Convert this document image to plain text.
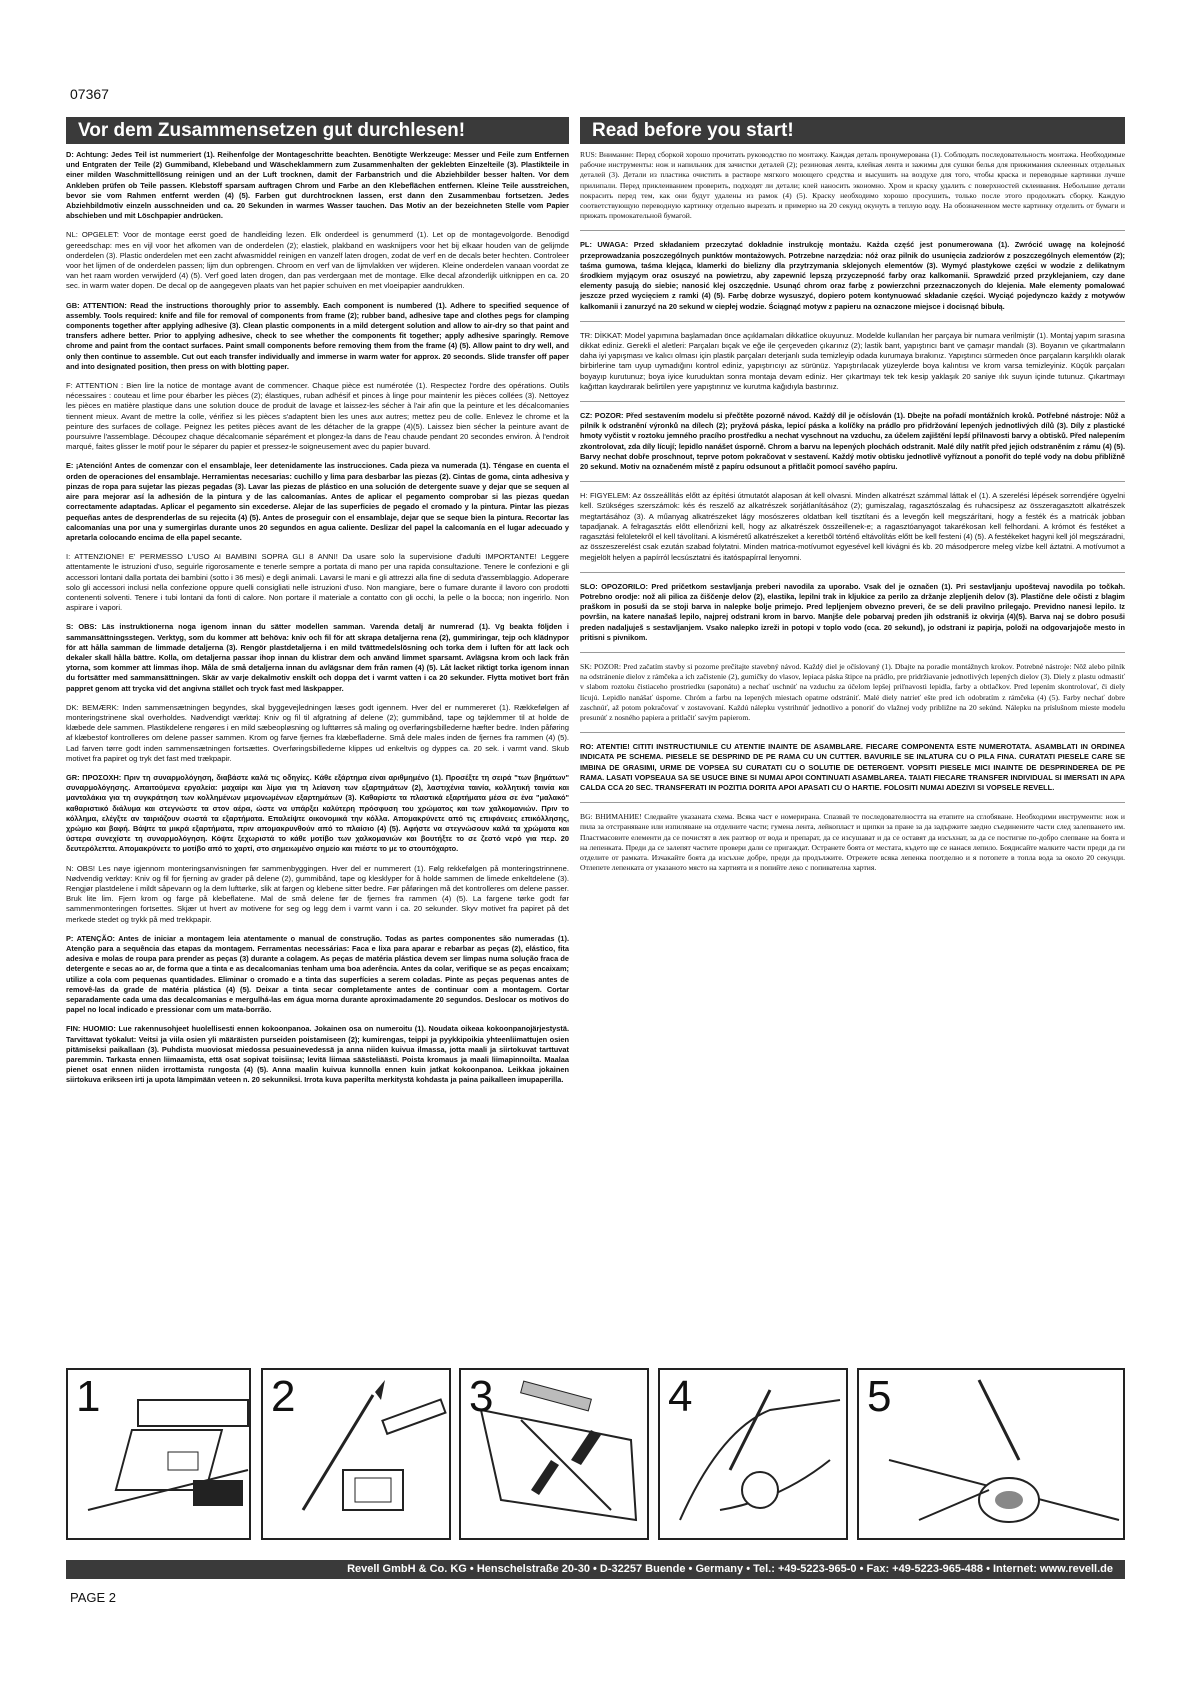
07367
Vor dem Zusammensetzen gut durchlesen!	Read before you start!

D: Achtung: Jedes Teil ist nummeriert (1). Reihenfolge der Montageschritte beachten. Benötigte Werkzeuge: Messer und Feile zum Entfernen und Entgraten der Teile (2) Gummiband, Klebeband und Wäscheklammern zum Zusammenhalten der geklebten Einzelteile (3). Plastikteile in einer milden Waschmittellösung reinigen und an der Luft trocknen, damit der Farbanstrich und die Abziehbilder besser halten. Vor dem Ankleben prüfen ob Teile passen. Klebstoff sparsam auftragen Chrom und Farbe an den Klebeflächen entfernen. Kleine Teile ausstreichen, bevor sie vom Rahmen entfernt werden (4) (5). Farben gut durchtrocknen lassen, erst dann den Zusammenbau fortsetzen. Jedes Abziehbildmotiv einzeln ausschneiden und ca. 20 Sekunden in warmes Wasser tauchen. Das Motiv an der bezeichneten Stelle vom Papier abschieben und mit Löschpapier andrücken.

NL: OPGELET: Voor de montage eerst goed de handleiding lezen. Elk onderdeel is genummerd (1). Let op de montagevolgorde. Benodigd gereedschap: mes en vijl voor het afkomen van de onderdelen (2); elastiek, plakband en wasknijpers voor het bij elkaar houden van de gelijmde onderdelen (3). Plastic onderdelen met een zacht afwasmiddel reinigen en vanzelf laten drogen, zodat de verf en de decals beter hechten. Controleer voor het lijmen of de onderdelen passen; lijm dun opbrengen. Chroom en verf van de lijmvlakken ver wijderen. Kleine onderdelen vanaan voordat ze van het raam worden verwijderd (4) (5). Verf goed laten drogen, dan pas verdergaan met de montage. Elke decal afzonderlijk uitknippen en ca. 20 sec. in warm water dopen. De decal op de aangegeven plaats van het papier schuiven en met vloeipapier aandrukken.

GB: ATTENTION: Read the instructions thoroughly prior to assembly. Each component is numbered (1). Adhere to specified sequence of assembly. Tools required: knife and file for removal of components from frame (2); rubber band, adhesive tape and clothes pegs for clamping components together after applying adhesive (3). Clean plastic components in a mild detergent solution and allow to air-dry so that paint and transfers adhere better. Prior to applying adhesive, check to see whether the components fit together; apply adhesive sparingly. Remove chrome and paint from the contact surfaces. Paint small components before removing them from the frame (4) (5). Allow paint to dry well, and only then continue to assemble. Cut out each transfer individually and immerse in warm water for approx. 20 seconds. Slide transfer off paper and into designated position, then press on with blotting paper.

F: ATTENTION : Bien lire la notice de montage avant de commencer. Chaque pièce est numérotée (1). Respectez l'ordre des opérations. Outils nécessaires : couteau et lime pour ébarber les pièces (2); élastiques, ruban adhésif et pinces à linge pour maintenir les pièces collées (3). Nettoyez les pièces en matière plastique dans une solution douce de produit de lavage et laissez-les sécher à l'air afin que la peinture et les décalcomanies tiennent mieux. Avant de mettre la colle, vérifiez si les pièces s'adaptent bien les unes aux autres; mettez peu de colle. Enlevez le chrome et la peinture des surfaces de collage. Peignez les petites pièces avant de les détacher de la grappe (4)(5). Laissez bien sécher la peinture avant de poursuivre l'assemblage. Découpez chaque décalcomanie séparément et plongez-la dans de l'eau chaude pendant 20 secondes environ. À l'endroit marqué, faites glisser le motif pour le séparer du papier et pressez-le soigneusement avec du papier buvard.

E: ¡Atención! Antes de comenzar con el ensamblaje, leer detenidamente las instrucciones. Cada pieza va numerada (1). Téngase en cuenta el orden de operaciones del ensamblaje. Herramientas necesarias: cuchillo y lima para desbarbar las piezas (2). Cintas de goma, cinta adhesiva y pinzas de ropa para sujetar las piezas pegadas (3). Lavar las piezas de plástico en una solución de detergente suave y dejar que se sequen al aire para mejorar así la adhesión de la pintura y de las calcomanías. Antes de aplicar el pegamento comprobar si las piezas quedan correctamente adaptadas. Aplicar el pegamento sin excederse. Alejar de las superficies de pegado el cromado y la pintura. Pintar las piezas pequeñas antes de desprenderlas de su rejecita (4) (5). Antes de proseguir con el ensamblaje, dejar que se seque bien la pintura. Recortar las calcomanías una por una y sumergirlas durante unos 20 segundos en agua caliente. Deslizar del papel la calcomanía en el lugar adecuado y apretarla colocando encima de ella papel secante.

I: ATTENZIONE! E' PERMESSO L'USO AI BAMBINI SOPRA GLI 8 ANNI! Da usare solo la supervisione d'adulti IMPORTANTE! Leggere attentamente le istruzioni d'uso, seguirle rigorosamente e tenerle sempre a portata di mano per una rapida consultazione. Tenere le confezioni e gli accessori lontani dalla portata dei bambini (sotto i 36 mesi) e degli animali. Lavarsi le mani e gli attrezzi alla fine di seduta d'assemblaggio. Adoperare solo gli accessori inclusi nella confezione oppure quelli consigliati nelle istruzioni d'uso. Non mangiare, bere o fumare durante il lavoro con prodotti contenenti solventi. Tenere i tubi lontani da fonti di calore. Non portare il materiale a contatto con gli occhi, la pelle o la bocca; non ingerirlo. Non aspirare i vapori.

S: OBS: Läs instruktionerna noga igenom innan du sätter modellen samman. Varenda detalj är numrerad (1). Vg beakta följden i sammansättningsstegen. Verktyg, som du kommer att behöva: kniv och fil för att skrapa detaljerna rena (2), gummiringar, tejp och klädnypor för att hålla samman de limmade detaljerna (3). Rengör plastdetaljerna i en mild tvättmedelslösning och torka dem i luften för att lack och dekaler skall hålla bättre. Kolla, om detaljerna passar ihop innan du klistrar dem och använd limmet sparsamt. Avlägsna krom och lack från ytorna, som kommer att limmas ihop. Måla de små detaljerna innan du avlägsnar dem från ramen (4) (5). Låt lacket riktigt torka igenom innan du fortsätter med sammansättningen. Skär av varje dekalmotiv enskilt och doppa det i varmt vatten i ca 20 sekunder. Flytta motivet bort från pappret genom att trycka vid det angivna stället och tryck fast med läskpapper.

DK: BEMÆRK: Inden sammensætningen begyndes, skal byggevejledningen læses godt igennem. Hver del er nummereret (1). Rækkefølgen af monteringstrinene skal overholdes. Nødvendigt værktøj: Kniv og fil til afgratning af delene (2); gummibånd, tape og tøjklemmer til at holde de klæbede dele sammen. Plastikdelene rengøres i en mild sæbeopløsning og lufttørres så maling og overføringsbillederne hæfter bedre. Inden påføring af klæbestof kontrolleres om delene passer sammen. Krom og farve fjernes fra klæbefladerne. Små dele males inden de fjernes fra rammen (4) (5). Lad farven tørre godt inden sammensætningen fortsættes. Overføringsbillederne klippes ud enkeltvis og dyppes ca. 20 sek. i varmt vand. Skub motivet fra papiret og tryk det fast med trækpapir.

GR: ΠΡΟΣΟΧΗ: Πριν τη συναρμολόγηση, διαβάστε καλά τις οδηγίες. Κάθε εξάρτημα είναι αριθμημένο (1). Προσέξτε τη σειρά "των βημάτων" συναρμολόγησης. Απαιτούμενα εργαλεία: μαχαίρι και λίμα για τη λείανση των εξαρτημάτων (2), λαστιχένια ταινία, κολλητική ταινία και μανταλάκια για τη συγκράτηση των κολλημένων μεμονωμένων εξαρτημάτων (3). Καθαρίστε τα πλαστικά εξαρτήματα μέσα σε ένα "μαλακό" καθαριστικό διάλυμα και στεγνώστε τα στον αέρα, ώστε να υπάρξει καλύτερη πρόσφυση του χρώματος και των χαλκομανιών. Πριν το κόλλημα, ελέγξτε αν ταιριάζουν σωστά τα εξαρτήματα. Επαλείψτε οικονομικά την κόλλα. Απομακρύνετε από τις επιφάνειες επικόλλησης, χρώμιο και βαφή. Βάψτε τα μικρά εξαρτήματα, πριν απομακρυνθούν από το πλαίσιο (4) (5). Αφήστε να στεγνώσουν καλά τα χρώματα και ύστερα συνεχίστε τη συναρμολόγηση. Κόψτε ξεχωριστά το κάθε μοτίβο των χαλκομανιών και βουτήξτε το σε ζεστό νερό για περ. 20 δευτερόλεπτα. Απομακρύνετε το μοτίβο από το χαρτί, στο σημειωμένο σημείο και πιέστε το με το στουπόχαρτο.

N: OBS! Les nøye igjennom monteringsanvisningen før sammenbyggingen. Hver del er nummerert (1). Følg rekkefølgen på monteringstrinnene. Nødvendig verktøy: Kniv og fil for fjerning av grader på delene (2), gummibånd, tape og klesklyper for å holde sammen de limede enkeltdelene (3). Rengjør plastdelene i mildt såpevann og la dem lufttørke, slik at fargen og klebene sitter bedre. Før påføringen må det kontrolleres om delene passer. Bruk lite lim. Fjern krom og farge på klebeflatene. Mal de små delene før de fjernes fra rammen (4) (5). La fargene tørke godt før sammenmonteringen fortsettes. Skjær ut hvert av motivene for seg og legg dem i varmt vann i ca. 20 sekunder. Skyv motivet fra papiret på det merkede stedet og trykk på med trekkpapir.

P: ATENÇÃO: Antes de iniciar a montagem leia atentamente o manual de construção. Todas as partes componentes são numeradas (1). Atenção para a sequência das etapas da montagem. Ferramentas necessárias: Faca e lixa para aparar e rebarbar as peças (2), elástico, fita adesiva e molas de roupa para prender as peças (3) durante a colagem. As peças de matéria plástica devem ser limpas numa solução fraca de detergente e secas ao ar, de forma que a tinta e as decalcomanias tenham uma boa aderência. Antes da colar, verifique se as peças encaixam; utilize a cola com pequenas quantidades. Eliminar o cromado e a tinta das superfícies a serem coladas. Pinte as peças pequenas antes de removê-las da grade de matéria plástica (4) (5). Deixar a tinta secar completamente antes de continuar com a montagem. Cortar separadamente cada uma das decalcomanias e mergulhá-las em água morna durante aproximadamente 20 segundos. Deslocar os motivos do papel no local indicado e pressionar com um mata-borrão.

FIN: HUOMIO: Lue rakennusohjeet huolellisesti ennen kokoonpanoa. Jokainen osa on numeroitu (1). Noudata oikeaa kokoonpanojärjestystä. Tarvittavat työkalut: Veitsi ja viila osien yli määräisten purseiden poistamiseen (2); kumirengas, teippi ja pyykkipoikia yhteenliimattujen osien pitämiseksi paikallaan (3). Puhdista muoviosat miedossa pesuainevedessä ja anna niiden kuivua ilmassa, jotta maali ja siirtokuvat tarttuvat paremmin. Tarkasta ennen liimaamista, että osat sopivat toisiinsa; levitä liimaa säästeliäästi. Poista kromaus ja maali liimapinnoilta. Maalaa pienet osat ennen niiden irrottamista rungosta (4) (5). Anna maalin kuivua kunnolla ennen kuin jatkat kokoonpanoa. Leikkaa jokainen siirtokuva erikseen irti ja upota lämpimään veteen n. 20 sekunniksi. Irrota kuva paperilta merkitystä kohdasta ja paina paikalleen imupaperilla.

RUS: Внимание: Перед сборкой хорошо прочитать руководство по монтажу. Каждая деталь пронумерована (1). Соблюдать последовательность монтажа. Необходимые рабочие инструменты: нож и напильник для зачистки деталей (2); резиновая лента, клейкая лента и зажимы для сушки белья для прижимания склеенных отдельных деталей (3). Детали из пластика очистить в растворе мягкого моющего средства и высушить на воздухе для того, чтобы краска и переводные картинки лучше прилипали. Перед приклеиванием проверить, подходят ли детали; клей наносить экономно. Хром и краску удалить с поверхностей склеивания. Небольшие детали покрасить перед тем, как они будут удалены из рамок (4) (5). Краску необходимо хорошо просушить, только после этого продолжать сборку. Каждую соответствующую переводную картинку отдельно вырезать и примерно на 20 секунд окунуть в теплую воду. На обозначенном месте картинку отделить от бумаги и прижать промокательной бумагой.

PL: UWAGA: Przed składaniem przeczytać dokładnie instrukcję montażu. Każda część jest ponumerowana (1). Zwrócić uwagę na kolejność przeprowadzania poszczególnych punktów montażowych. Potrzebne narzędzia: nóż oraz pilnik do usunięcia zadziorów z poszczególnych elementów (2); taśma gumowa, taśma klejąca, klamerki do bielizny dla przytrzymania sklejonych elementów (3). Wymyć plastykowe części w wodzie z delikatnym środkiem myjącym oraz osuszyć na powietrzu, aby zapewnić lepszą przyczepność farby oraz kalkomanii. Sprawdzić przed przyklejaniem, czy dane elementy pasują do siebie; nanosić klej oszczędnie. Usunąć chrom oraz farbę z powierzchni przeznaczonych do klejenia. Małe elementy pomalować jeszcze przed wycięciem z ramki (4) (5). Farbę dobrze wysuszyć, dopiero potem kontynuować składanie części. Wyciąć pojedynczo każdy z motywów kalkomanii i zanurzyć na 20 sekund w ciepłej wodzie. Ściągnąć motyw z papieru na oznaczone miejsce i docisnąć bibułą.

TR: DİKKAT: Model yapımına başlamadan önce açıklamaları dikkatlice okuyunuz. Modelde kullanılan her parçaya bir numara verilmiştir (1). Montaj yapım sırasına dikkat ediniz. Gerekli el aletleri: Parçaları bıçak ve eğe ile çerçeveden çıkarınız (2); lastik bant, yapıştırıcı bant ve çamaşır mandalı (3). Boyanın ve çıkartmaların daha iyi yapışması ve kalıcı olması için plastik parçaları deterjanlı suda temizleyip odada kurumaya bırakınız. Yapıştırıcı sürmeden önce parçaların karşılıklı olarak birbirlerine tam uyup uymadığını kontrol ediniz, yapıştırıcıyı az sürünüz. Yapıştırılacak yüzeylerde boya kalıntısı ve krom varsa temizleyiniz. Küçük parçaları boyayıp kurutunuz; boya iyice kuruduktan sonra montaja devam ediniz. Her çıkartmayı tek tek kesip yaklaşık 20 saniye ılık suyun içinde tutunuz. Çıkartmayı kağıttan kaydırarak belirtilen yere yapıştırınız ve kurutma kağıdıyla bastırınız.

CZ: POZOR: Před sestavením modelu si přečtěte pozorně návod. Každý díl je očíslován (1). Dbejte na pořadí montážních kroků. Potřebné nástroje: Nůž a pilník k odstranění výronků na dílech (2); pryžová páska, lepicí páska a kolíčky na prádlo pro přidržování lepených jednotlivých dílů (3). Díly z plastické hmoty vyčistit v roztoku jemného pracího prostředku a nechat vyschnout na vzduchu, za účelem zajištění lepší přilnavosti barvy a obtisků. Před nalepením zkontrolovat, zda díly lícují; lepidlo nanášet úsporně. Chrom a barvu na lepených plochách odstranit. Malé díly natřít před jejich odstraněním z rámu (4) (5). Barvy nechat dobře proschnout, teprve potom pokračovat v sestavení. Každý motiv obtisku jednotlivě vyříznout a ponořit do teplé vody na dobu přibližně 20 sekund. Motiv na označeném místě z papíru odsunout a přitlačit pomocí savého papíru.

H: FIGYELEM: Az összeállítás előtt az építési útmutatót alaposan át kell olvasni. Minden alkatrészt számmal láttak el (1). A szerelési lépések sorrendjére ügyelni kell. Szükséges szerszámok: kés és reszelő az alkatrészek sorjátlanításához (2); gumiszalag, ragasztószalag és ruhacsipesz az összeragasztott alkatrészek megtartásához (3). A műanyag alkatrészeket lágy mosószeres oldatban kell tisztítani és a levegőn kell megszárítani, hogy a festék és a matricák jobban tapadjanak. A felragasztás előtt ellenőrizni kell, hogy az alkatrészek összeillenek-e; a ragasztóanyagot takarékosan kell felhordani. A krómot és festéket a ragasztási felületekről el kell távolítani. A kisméretű alkatrészeket a keretből történő eltávolítás előtt be kell festeni (4) (5). A festékeket hagyni kell jól megszáradni, az összeszerelést csak ezután szabad folytatni. Minden matrica-motívumot egyesével kell kivágni és kb. 20 másodpercre meleg vízbe kell áztatni. A motívumot a megjelölt helyen a papírról lecsúsztatni és itatóspapírral lenyomni.

SLO: OPOZORILO: Pred pričetkom sestavljanja preberi navodila za uporabo. Vsak del je označen (1). Pri sestavljanju upoštevaj navodila po točkah. Potrebno orodje: nož ali pilica za čiščenje delov (2), elastika, lepilni trak in kljukice za perilo za držanje zlepljenih delov (3). Plastične dele očisti z blagim praškom in posuši da se stoji barva in nalepke bolje primejo. Pred lepljenjem obvezno preveri, če se deli pravilno prilegajo. Previdno nanesi lepilo. Iz površin, na katere nanašaš lepilo, najprej odstrani krom in barvo. Manjše dele pobarvaj preden jih odstraniš iz okvirja (4)(5). Barva naj se dobro posuši preden nadaljuješ s sestavljanjem. Vsako nalepko izreži in potopi v toplo vodo (cca. 20 sekund), jo odstrani iz papirja, položi na odgovarjajoče mesto in pritisni s pivnikom.

SK: POZOR: Pred začatím stavby si pozorne prečítajte stavebný návod. Každý diel je očíslovaný (1). Dbajte na poradie montážnych krokov. Potrebné nástroje: Nôž alebo pilník na odstránenie dielov z rámčeka a ich začistenie (2), gumičky do vlasov, lepiaca páska štipce na prádlo, pre pridržiavanie jednotlivých lepených dielov (3). Diely z plastu odmastiť v slabom roztoku čistiaceho prostriedku (saponátu) a nechať uschnúť na vzduchu za účelom lepšej priľnavosti lepidla, farby a obtlačkov. Pred lepením skontrolovať, či diely lícujú. Lepidlo nanášať úsporne. Chróm a farbu na lepených miestach opatrne odstrániť. Malé diely natrieť ešte pred ich odobratím z rámčeka (4) (5). Farby nechať dobre zaschnúť, až potom pokračovať v zostavovaní. Každú nálepku vystrihnúť jednotlivo a ponoriť do vlažnej vody približne na 20 sekúnd. Nálepku na príslušnom mieste modelu presunúť z nosného papiera a pritlačiť savým papierom.

RO: ATENTIE! CITITI INSTRUCTIUNILE CU ATENTIE INAINTE DE ASAMBLARE. FIECARE COMPONENTA ESTE NUMEROTATA. ASAMBLATI IN ORDINEA INDICATA PE SCHEMA. PIESELE SE DESPRIND DE PE RAMA CU UN CUTTER. BAVURILE SE INLATURA CU O PILA FINA. CURATATI PIESELE CARE SE IMBINA DE GRASIMI, URME DE VOPSEA SU CURATATI CU O SOLUTIE DE DETERGENT. VOPSITI PIESELE MICI INAINTE DE DESPRINDEREA DE PE RAMA. LASATI VOPSEAUA SA SE USUCE BINE SI NUMAI APOI CONTINUATI ASAMBLAREA. TAIATI FIECARE TRANSFER INDIVIDUAL SI IMERSATI IN APA CALDA CCA 20 SEC. TRANSFERATI IN POZITIA DORITA APOI APASATI CU O HARTIE. FOLOSITI NUMAI ADEZIVI SI VOPSELE REVELL.

BG: ВНИМАНИЕ! Следвайте указаната схема. Всяка част е номерирана. Спазвай те последователността на етапите на сглобяване. Необходими инструменти: нож и пила за отстраняване или изпиляване на отделните части; гумена лента, лейкопласт и щипки за пране за да задържите заедно съединените части след залепването им. Пластмасовите елементи да се почистят в лек разтвор от вода и препарат, да се изсушават и да се оставят да изсъхнат, за да се постигне по-добро слепване на боята и на лепенката. Преди да се залепят частите провери дали се пригаждат. Остранете боята от местата, където ще се нанася лепило. Боядисайте малките части преди да ги отделите от рамката. Изчакайте боята да изсъхне добре, преди да продължите. Отрежете всяка лепенка поотделно и я потопете в топла вода за около 20 секунди. Отлепете лепенката от указаното място на хартията и я попийте леко с попивателна хартия.

1	2	3	4	5
Revell GmbH & Co. KG • Henschelstraße 20-30 • D-32257 Buende • Germany • Tel.: +49-5223-965-0 • Fax: +49-5223-965-488 • Internet: www.revell.de
PAGE 2
